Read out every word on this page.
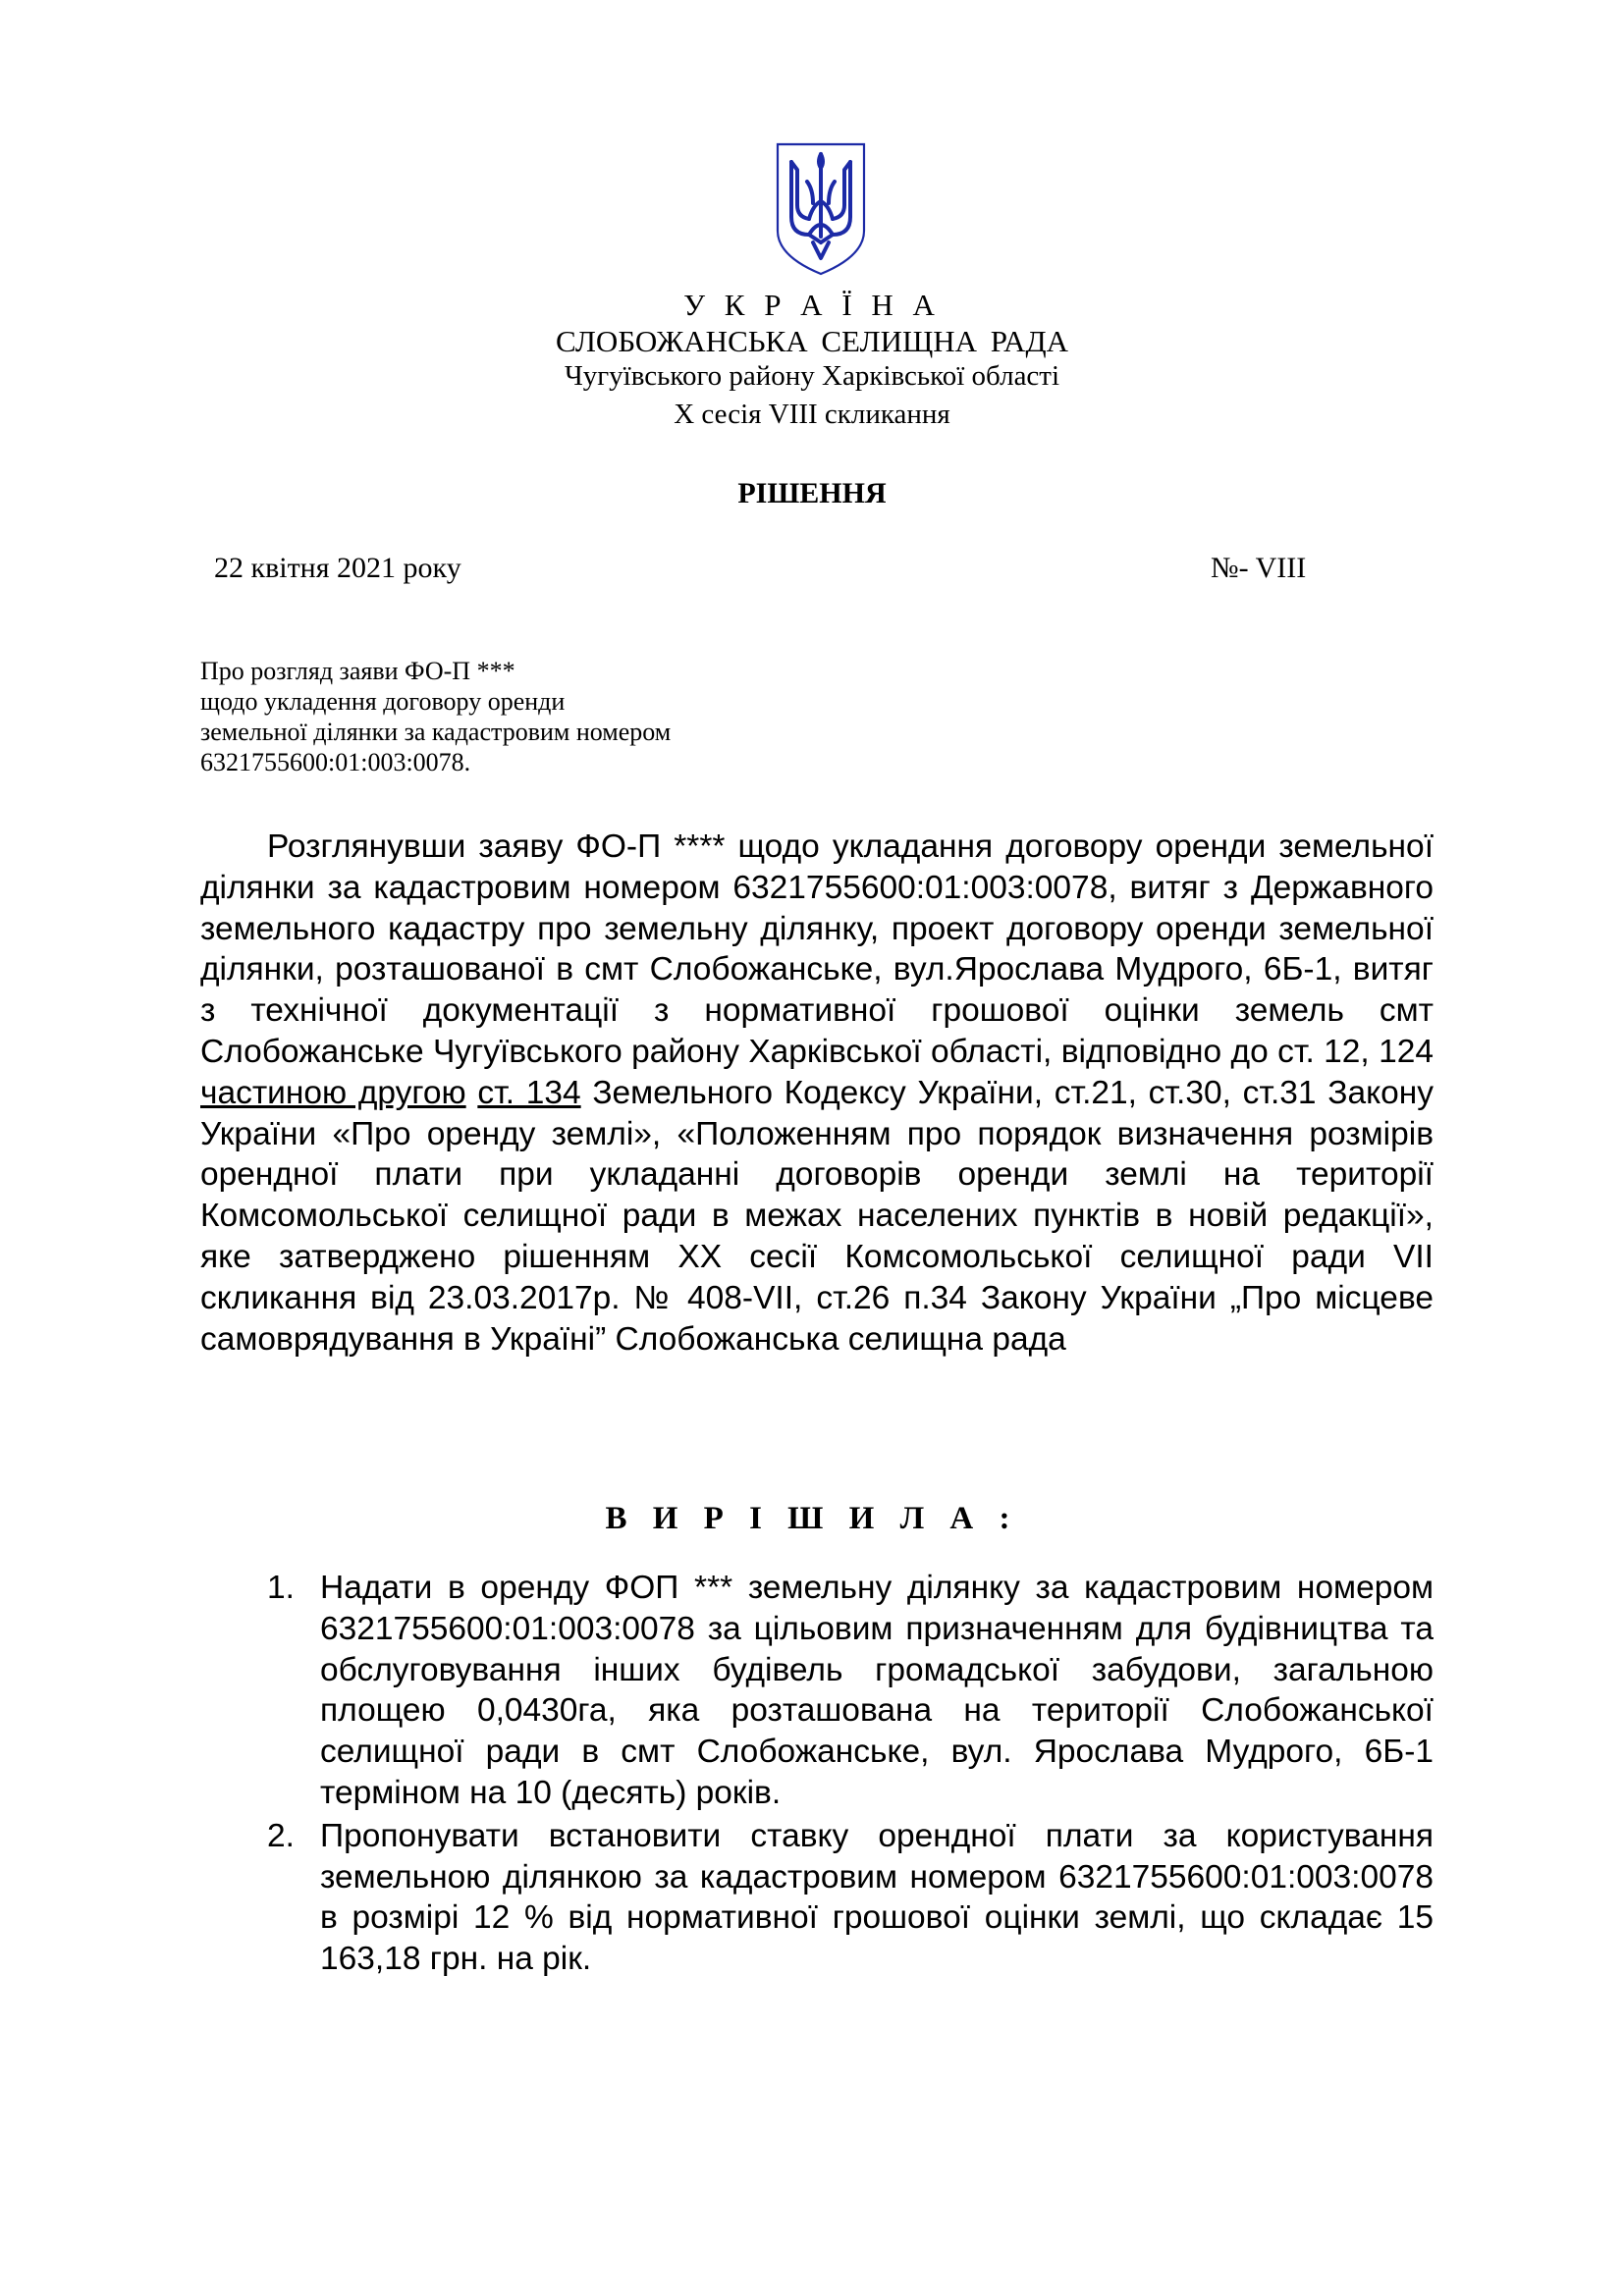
У К Р А Ї Н А
СЛОБОЖАНСЬКА СЕЛИЩНА РАДА
Чугуївського району Харківської області
Х сесія VIII скликання
РІШЕННЯ
22 квітня 2021 року	№- VIII
Про розгляд заяви ФО-П ***
щодо укладення договору оренди
земельної ділянки за кадастровим номером
6321755600:01:003:0078.
Розглянувши заяву ФО-П **** щодо укладання договору оренди земельної ділянки за кадастровим номером 6321755600:01:003:0078, витяг з Державного земельного кадастру про земельну ділянку, проект договору оренди земельної ділянки, розташованої в смт Слобожанське, вул.Ярослава Мудрого, 6Б-1, витяг з технічної документації з нормативної грошової оцінки земель смт Слобожанське Чугуївського району Харківської області, відповідно до ст. 12, 124 частиною другою ст. 134 Земельного Кодексу України, ст.21, ст.30, ст.31 Закону України «Про оренду землі», «Положенням про порядок визначення розмірів орендної плати при укладанні договорів оренди землі на території Комсомольської селищної ради в межах населених пунктів в новій редакції», яке затверджено рішенням XX сесії Комсомольської селищної ради VII скликання від 23.03.2017р. № 408-VII, ст.26 п.34 Закону України „Про місцеве самоврядування в Україні” Слобожанська селищна рада
В И Р І Ш И Л А :
1. Надати в оренду ФОП *** земельну ділянку за кадастровим номером 6321755600:01:003:0078 за цільовим призначенням для будівництва та обслуговування інших будівель громадської забудови, загальною площею 0,0430га, яка розташована на території Слобожанської селищної ради в смт Слобожанське, вул. Ярослава Мудрого, 6Б-1 терміном на 10 (десять) років.
2. Пропонувати встановити ставку орендної плати за користування земельною ділянкою за кадастровим номером 6321755600:01:003:0078 в розмірі 12 % від нормативної грошової оцінки землі, що складає 15 163,18 грн. на рік.
